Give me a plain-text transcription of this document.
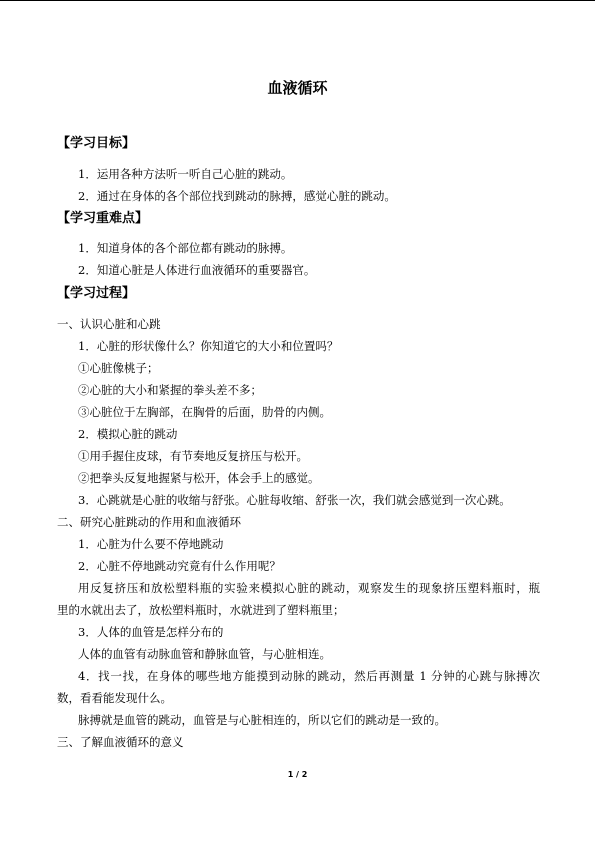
血液循环
【学习目标】
1．运用各种方法听一听自己心脏的跳动。
2．通过在身体的各个部位找到跳动的脉搏，感觉心脏的跳动。
【学习重难点】
1．知道身体的各个部位都有跳动的脉搏。
2．知道心脏是人体进行血液循环的重要器官。
【学习过程】
一、认识心脏和心跳
1．心脏的形状像什么？你知道它的大小和位置吗？
①心脏像桃子；
②心脏的大小和紧握的拳头差不多；
③心脏位于左胸部，在胸骨的后面，肋骨的内侧。
2．模拟心脏的跳动
①用手握住皮球，有节奏地反复挤压与松开。
②把拳头反复地握紧与松开，体会手上的感觉。
3．心跳就是心脏的收缩与舒张。心脏每收缩、舒张一次，我们就会感觉到一次心跳。
二、研究心脏跳动的作用和血液循环
1．心脏为什么要不停地跳动
2．心脏不停地跳动究竟有什么作用呢？
用反复挤压和放松塑料瓶的实验来模拟心脏的跳动，观察发生的现象挤压塑料瓶时，瓶
里的水就出去了，放松塑料瓶时，水就进到了塑料瓶里；
3．人体的血管是怎样分布的
人体的血管有动脉血管和静脉血管，与心脏相连。
4．找一找，在身体的哪些地方能摸到动脉的跳动，然后再测量 1 分钟的心跳与脉搏次
数，看看能发现什么。
脉搏就是血管的跳动，血管是与心脏相连的，所以它们的跳动是一致的。
三、了解血液循环的意义
1 / 2
